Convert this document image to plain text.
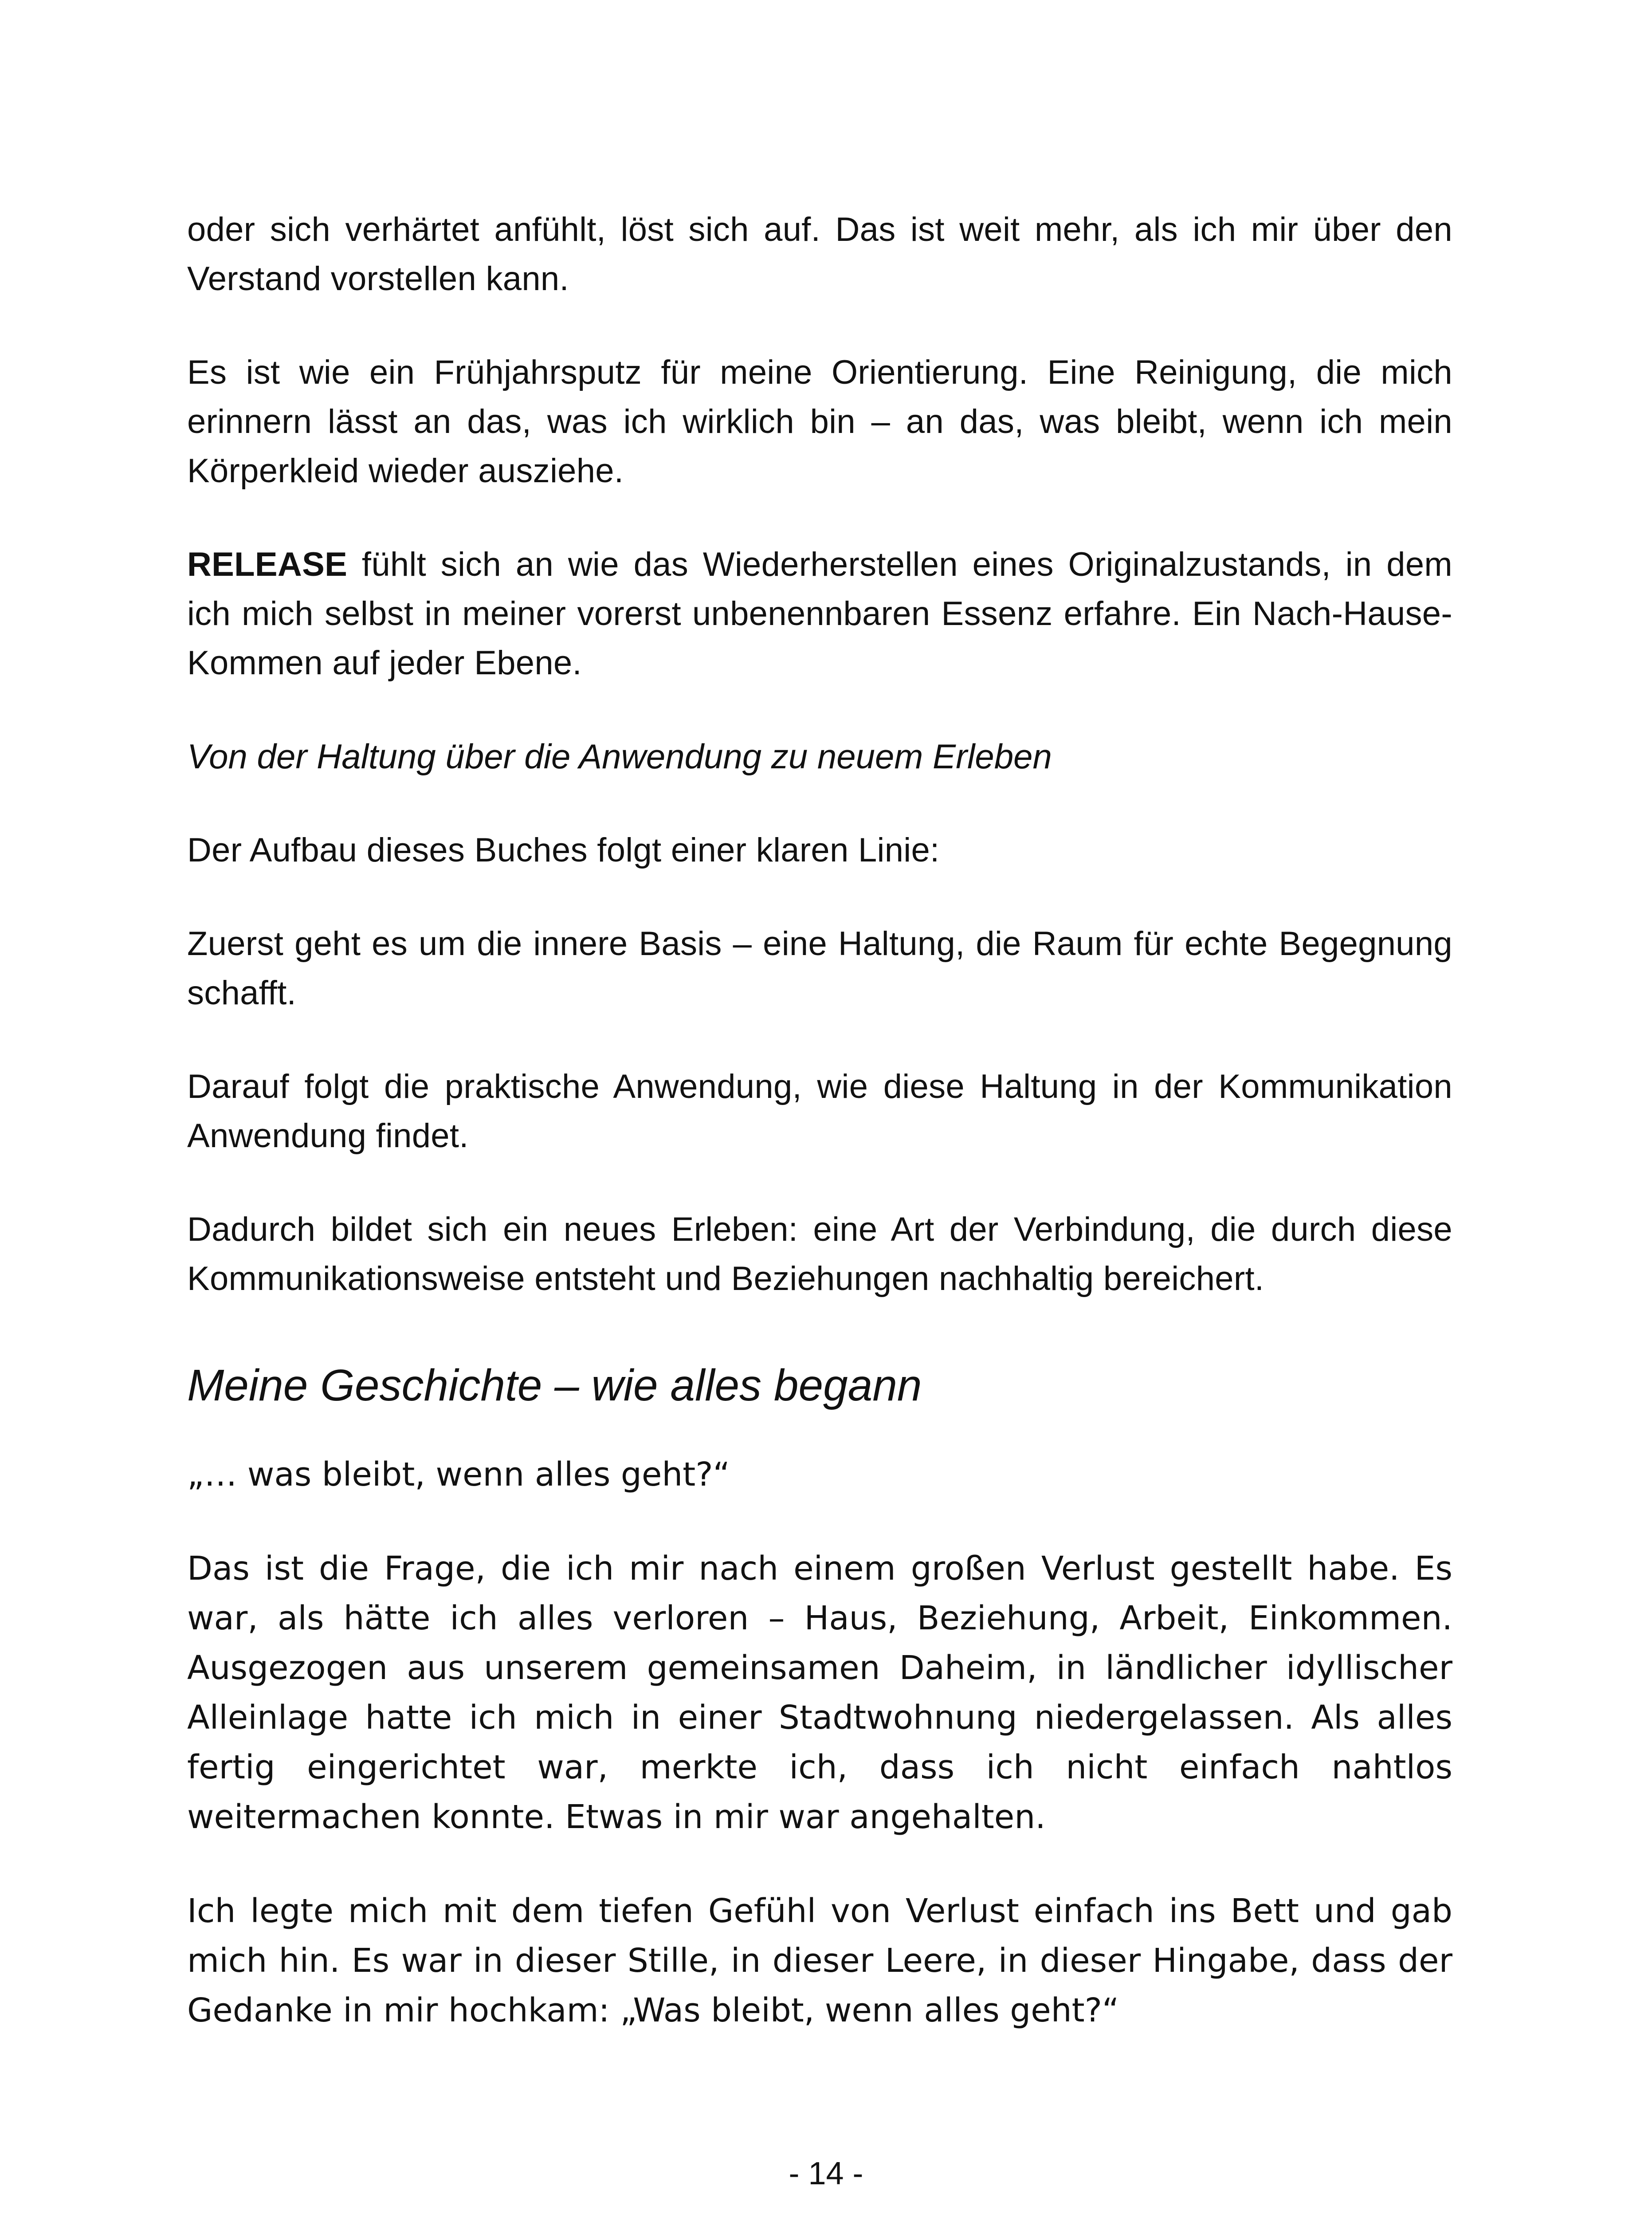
oder sich verhärtet anfühlt, löst sich auf. Das ist weit mehr, als ich mir über den Verstand vorstellen kann.

Es ist wie ein Frühjahrsputz für meine Orientierung. Eine Reinigung, die mich erinnern lässt an das, was ich wirklich bin – an das, was bleibt, wenn ich mein Körperkleid wieder ausziehe.

RELEASE fühlt sich an wie das Wiederherstellen eines Originalzustands, in dem ich mich selbst in meiner vorerst unbenennbaren Essenz erfahre. Ein Nach-Hause-Kommen auf jeder Ebene.

Von der Haltung über die Anwendung zu neuem Erleben

Der Aufbau dieses Buches folgt einer klaren Linie:

Zuerst geht es um die innere Basis – eine Haltung, die Raum für echte Begegnung schafft.

Darauf folgt die praktische Anwendung, wie diese Haltung in der Kommunikation Anwendung findet.

Dadurch bildet sich ein neues Erleben: eine Art der Verbindung, die durch diese Kommunikationsweise entsteht und Beziehungen nachhaltig bereichert.

Meine Geschichte – wie alles begann

„… was bleibt, wenn alles geht?“

Das ist die Frage, die ich mir nach einem großen Verlust gestellt habe. Es war, als hätte ich alles verloren – Haus, Beziehung, Arbeit, Einkommen. Ausgezogen aus unserem gemeinsamen Daheim, in ländlicher idyllischer Alleinlage hatte ich mich in einer Stadtwohnung niedergelassen. Als alles fertig eingerichtet war, merkte ich, dass ich nicht einfach nahtlos weitermachen konnte. Etwas in mir war angehalten.

Ich legte mich mit dem tiefen Gefühl von Verlust einfach ins Bett und gab mich hin. Es war in dieser Stille, in dieser Leere, in dieser Hingabe, dass der Gedanke in mir hochkam: „Was bleibt, wenn alles geht?“

- 14 -
